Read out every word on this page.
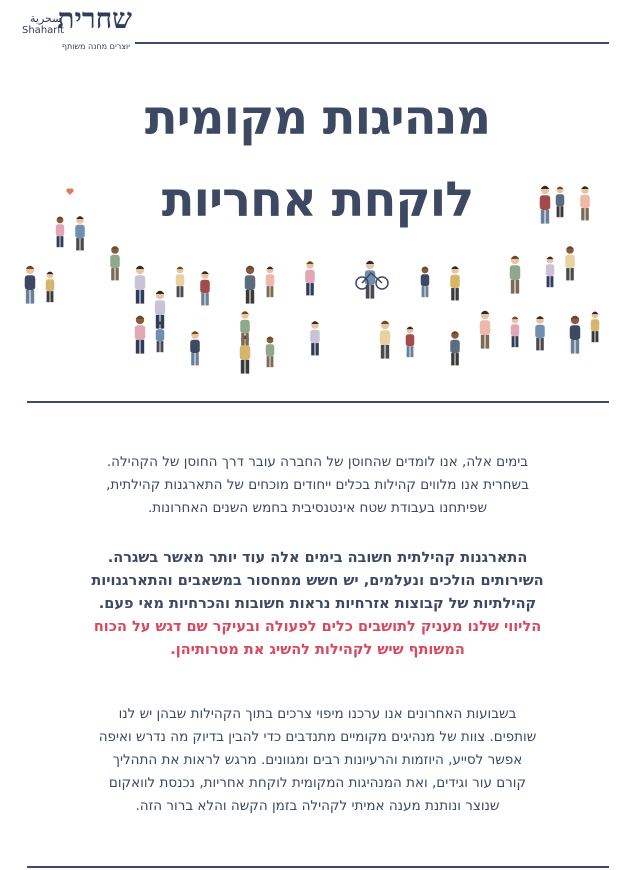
שחרית
سحرية
Shaharit
יוצרים מחנה משותף
מנהיגות מקומית
לוקחת אחריות
בימים אלה, אנו לומדים שהחוסן של החברה עובר דרך החוסן של הקהילה.
בשחרית אנו מלווים קהילות בכלים ייחודים מוכחים של התארגנות קהילתית,
שפיתחנו בעבודת שטח אינטנסיבית בחמש השנים האחרונות.
התארגנות קהילתית חשובה בימים אלה עוד יותר מאשר בשגרה.
השירותים הולכים ונעלמים, יש חשש ממחסור במשאבים והתארגנויות
קהילתיות של קבוצות אזרחיות נראות חשובות והכרחיות מאי פעם.
הליווי שלנו מעניק לתושבים כלים לפעולה ובעיקר שם דגש על הכוח
המשותף שיש לקהילות להשיג את מטרותיהן.
בשבועות האחרונים אנו ערכנו מיפוי צרכים בתוך הקהילות שבהן יש לנו
שותפים. צוות של מנהיגים מקומיים מתנדבים כדי להבין בדיוק מה נדרש ואיפה
אפשר לסייע, היוזמות והרעיונות רבים ומגוונים. מרגש לראות את התהליך
קורם עור וגידים, ואת המנהיגות המקומית לוקחת אחריות, נכנסת לוואקום
שנוצר ונותנת מענה אמיתי לקהילה בזמן הקשה והלא ברור הזה.
